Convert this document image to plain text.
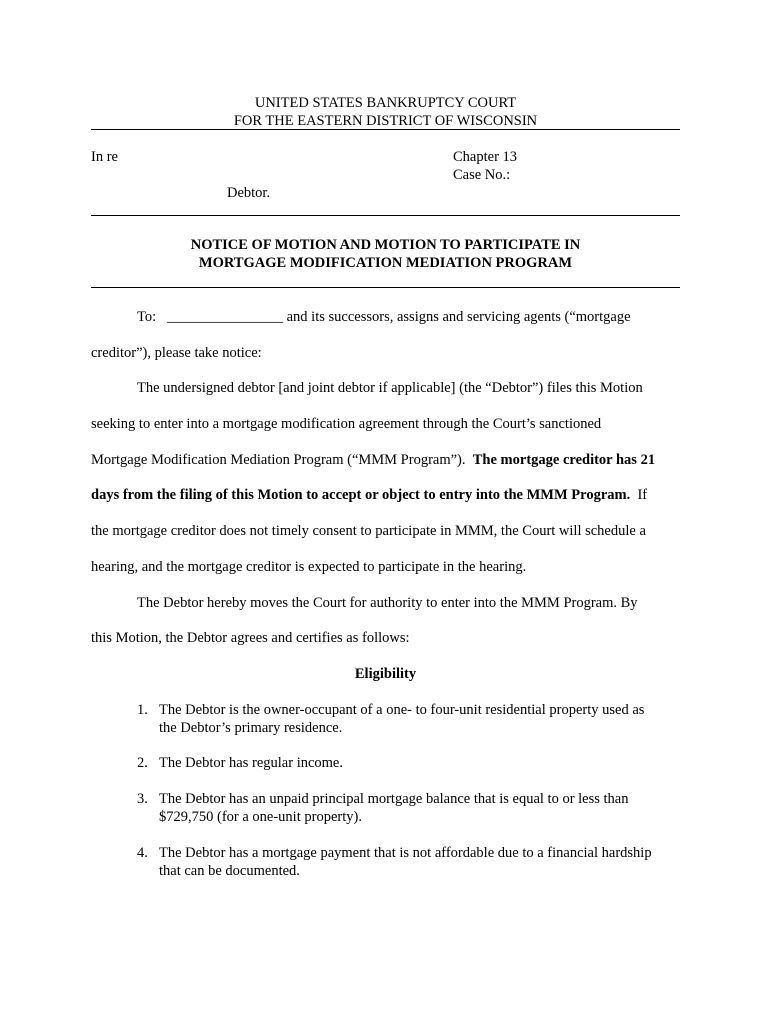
UNITED STATES BANKRUPTCY COURT
FOR THE EASTERN DISTRICT OF WISCONSIN
In re	Chapter 13
Case No.:
Debtor.
NOTICE OF MOTION AND MOTION TO PARTICIPATE IN
MORTGAGE MODIFICATION MEDIATION PROGRAM
To: ________________ and its successors, assigns and servicing agents (“mortgage
creditor”), please take notice:
The undersigned debtor [and joint debtor if applicable] (the “Debtor”) files this Motion
seeking to enter into a mortgage modification agreement through the Court’s sanctioned
Mortgage Modification Mediation Program (“MMM Program”).  The mortgage creditor has 21
days from the filing of this Motion to accept or object to entry into the MMM Program.  If
the mortgage creditor does not timely consent to participate in MMM, the Court will schedule a
hearing, and the mortgage creditor is expected to participate in the hearing.
The Debtor hereby moves the Court for authority to enter into the MMM Program. By
this Motion, the Debtor agrees and certifies as follows:
Eligibility
1. The Debtor is the owner-occupant of a one- to four-unit residential property used as
the Debtor’s primary residence.
2. The Debtor has regular income.
3. The Debtor has an unpaid principal mortgage balance that is equal to or less than
$729,750 (for a one-unit property).
4. The Debtor has a mortgage payment that is not affordable due to a financial hardship
that can be documented.
